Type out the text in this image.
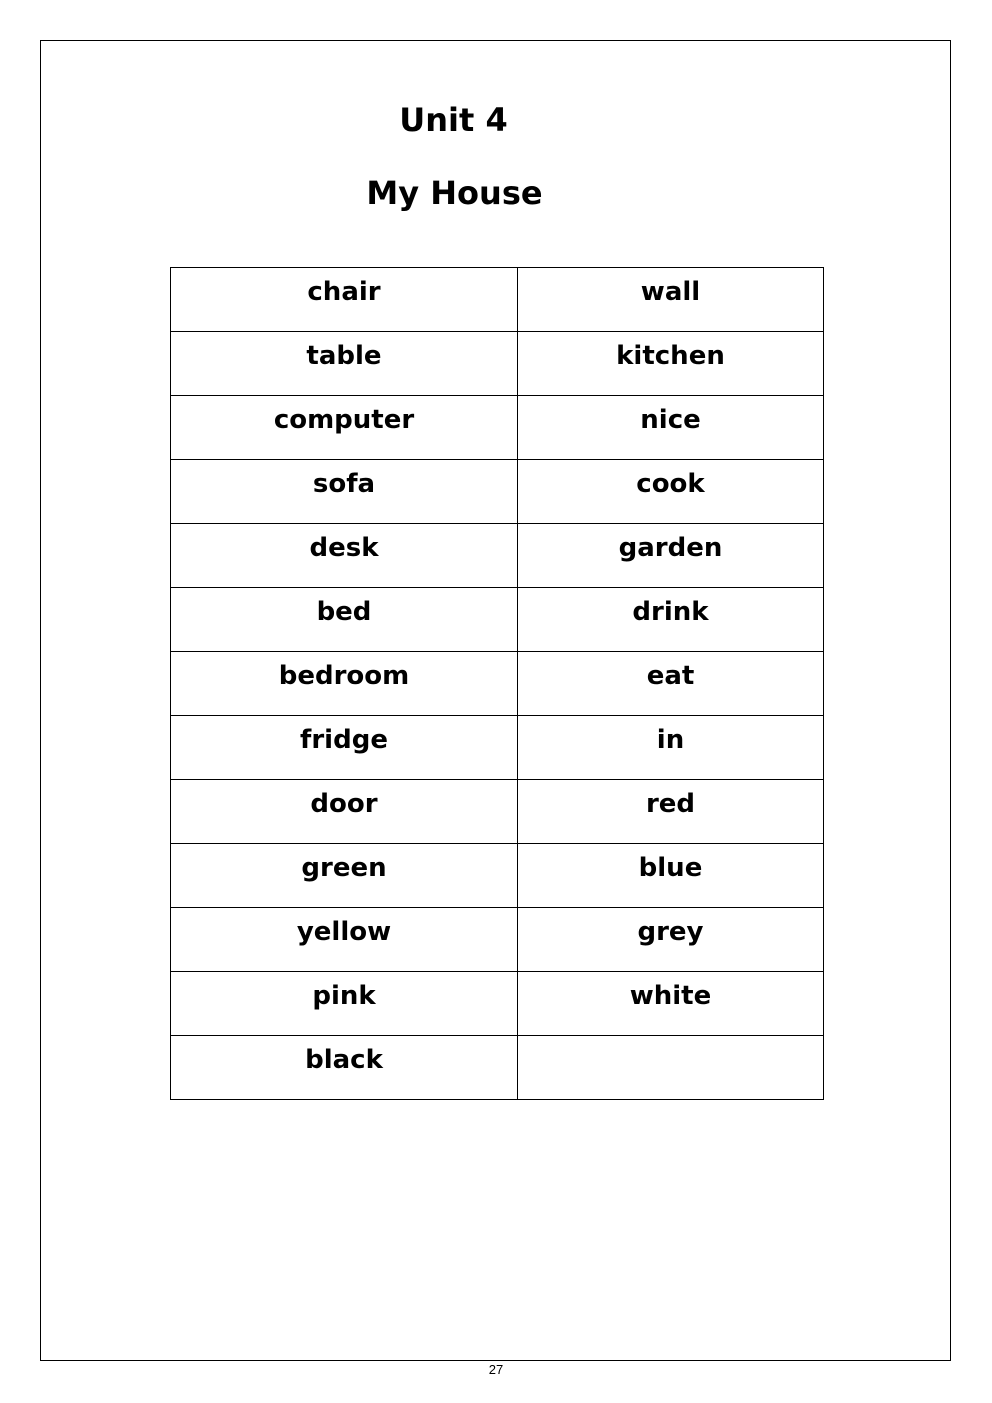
Unit 4
My House
chair	wall
table	kitchen
computer	nice
sofa	cook
desk	garden
bed	drink
bedroom	eat
fridge	in
door	red
green	blue
yellow	grey
pink	white
black	
27
